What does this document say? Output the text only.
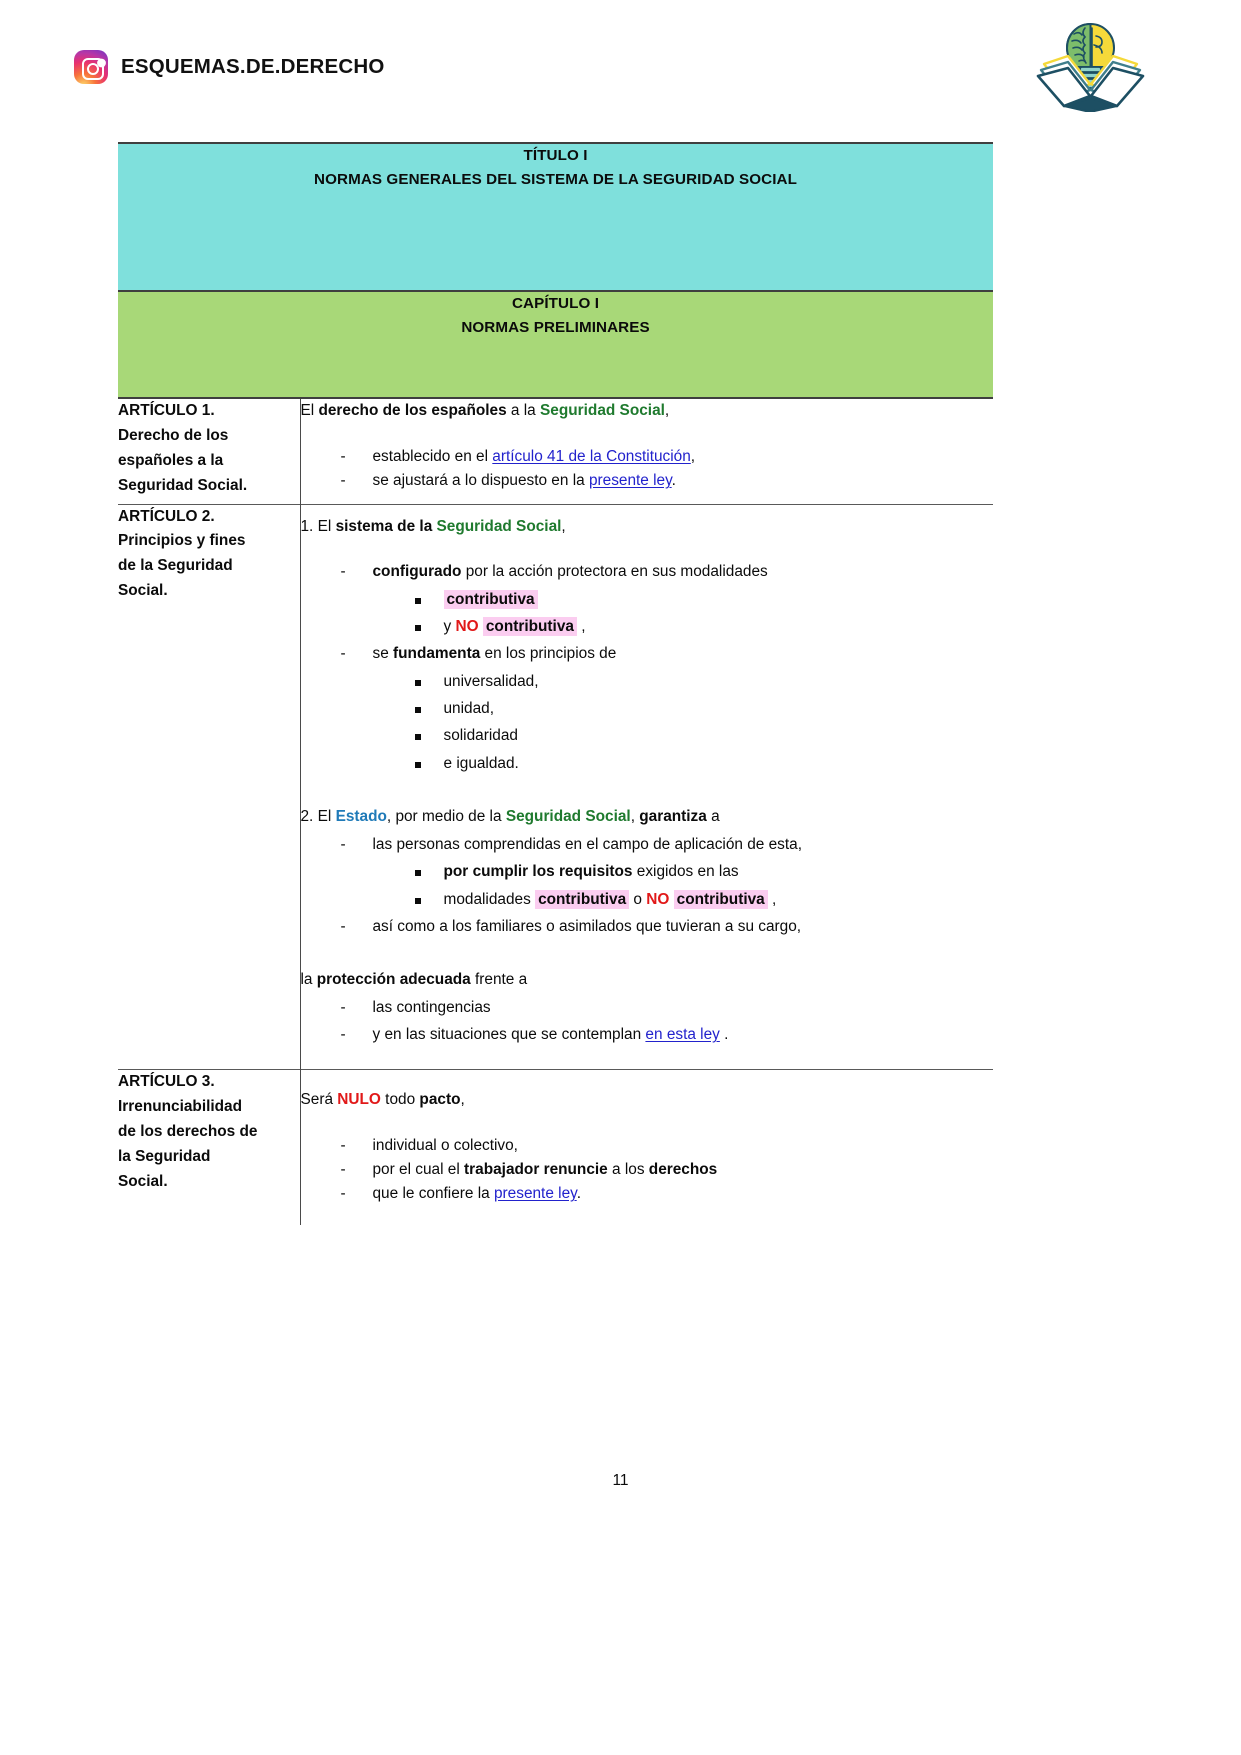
ESQUEMAS.DE.DERECHO
TÍTULO I
NORMAS GENERALES DEL SISTEMA DE LA SEGURIDAD SOCIAL	

CAPÍTULO I
NORMAS PRELIMINARES	

ARTÍCULO 1.
Derecho de los
españoles a la
Seguridad Social.

El derecho de los españoles a la Seguridad Social,

- establecido en el artículo 41 de la Constitución,
- se ajustará a lo dispuesto en la presente ley.

ARTÍCULO 2.
Principios y fines
de la Seguridad
Social.

1. El sistema de la Seguridad Social,

- configurado por la acción protectora en sus modalidades
contributiva
y NO contributiva ,
- se fundamenta en los principios de
universalidad,
unidad,
solidaridad
e igualdad.

2. El Estado, por medio de la Seguridad Social, garantiza a

- las personas comprendidas en el campo de aplicación de esta,
por cumplir los requisitos exigidos en las
modalidades contributiva o NO contributiva ,
- así como a los familiares o asimilados que tuvieran a su cargo,

la protección adecuada frente a

- las contingencias
- y en las situaciones que se contemplan en esta ley .

ARTÍCULO 3.
Irrenunciabilidad
de los derechos de
la Seguridad
Social.

Será NULO todo pacto,

- individual o colectivo,
- por el cual el trabajador renuncie a los derechos
- que le confiere la presente ley.
11
